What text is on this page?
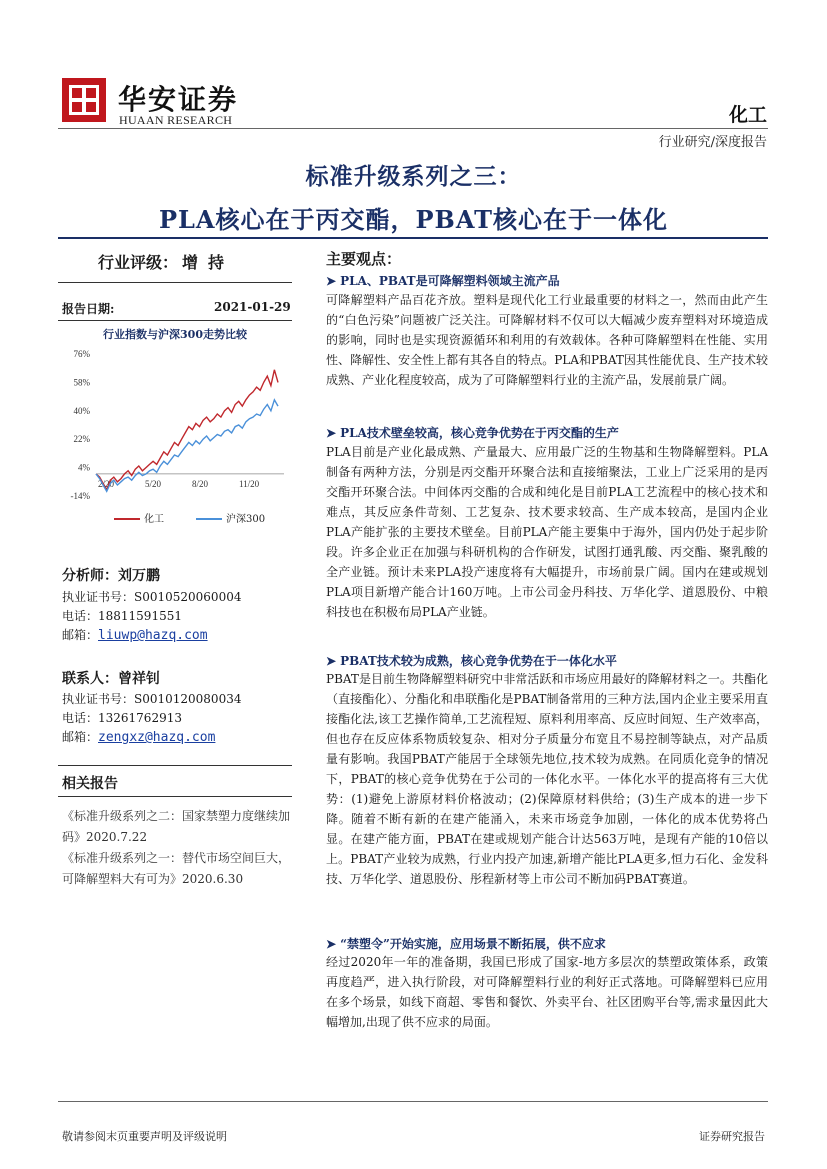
华安证券
HUAAN RESEARCH	化工
行业研究/深度报告
标准升级系列之三：
PLA核心在于丙交酯，PBAT核心在于一体化
行业评级： 增持
报告日期:	2021-01-29
行业指数与沪深300走势比较
76%
58%
40%
22%
4%
-14%
2/20	5/20	8/20	11/20
化工	沪深300
分析师：刘万鹏
执业证书号：S0010520060004
电话：18811591551
邮箱：liuwp@hazq.com
联系人：曾祥钊
执业证书号：S0010120080034
电话：13261762913
邮箱：zengxz@hazq.com
相关报告
《标准升级系列之二：国家禁塑力度继续加码》2020.7.22
《标准升级系列之一：替代市场空间巨大，可降解塑料大有可为》2020.6.30
主要观点：
➤ PLA、PBAT是可降解塑料领域主流产品
可降解塑料产品百花齐放。塑料是现代化工行业最重要的材料之一，然而由此产生的“白色污染”问题被广泛关注。可降解材料不仅可以大幅减少废弃塑料对环境造成的影响，同时也是实现资源循环和利用的有效载体。各种可降解塑料在性能、实用性、降解性、安全性上都有其各自的特点。PLA和PBAT因其性能优良、生产技术较成熟、产业化程度较高，成为了可降解塑料行业的主流产品，发展前景广阔。
➤ PLA技术壁垒较高，核心竞争优势在于丙交酯的生产
PLA目前是产业化最成熟、产量最大、应用最广泛的生物基和生物降解塑料。PLA制备有两种方法，分别是丙交酯开环聚合法和直接缩聚法，工业上广泛采用的是丙交酯开环聚合法。中间体丙交酯的合成和纯化是目前PLA工艺流程中的核心技术和难点，其反应条件苛刻、工艺复杂、技术要求较高、生产成本较高，是国内企业PLA产能扩张的主要技术壁垒。目前PLA产能主要集中于海外，国内仍处于起步阶段。许多企业正在加强与科研机构的合作研发，试图打通乳酸、丙交酯、聚乳酸的全产业链。预计未来PLA投产速度将有大幅提升，市场前景广阔。国内在建或规划PLA项目新增产能合计160万吨。上市公司金丹科技、万华化学、道恩股份、中粮科技也在积极布局PLA产业链。
➤ PBAT技术较为成熟，核心竞争优势在于一体化水平
PBAT是目前生物降解塑料研究中非常活跃和市场应用最好的降解材料之一。共酯化（直接酯化）、分酯化和串联酯化是PBAT制备常用的三种方法,国内企业主要采用直接酯化法,该工艺操作简单,工艺流程短、原料利用率高、反应时间短、生产效率高，但也存在反应体系物质较复杂、相对分子质量分布宽且不易控制等缺点，对产品质量有影响。我国PBAT产能居于全球领先地位,技术较为成熟。在同质化竞争的情况下，PBAT的核心竞争优势在于公司的一体化水平。一体化水平的提高将有三大优势：(1)避免上游原材料价格波动；(2)保障原材料供给；(3)生产成本的进一步下降。随着不断有新的在建产能涌入，未来市场竞争加剧，一体化的成本优势将凸显。在建产能方面，PBAT在建或规划产能合计达563万吨，是现有产能的10倍以上。PBAT产业较为成熟，行业内投产加速,新增产能比PLA更多,恒力石化、金发科技、万华化学、道恩股份、彤程新材等上市公司不断加码PBAT赛道。
➤ “禁塑令”开始实施，应用场景不断拓展，供不应求
经过2020年一年的准备期，我国已形成了国家-地方多层次的禁塑政策体系，政策再度趋严，进入执行阶段，对可降解塑料行业的利好正式落地。可降解塑料已应用在多个场景，如线下商超、零售和餐饮、外卖平台、社区团购平台等,需求量因此大幅增加,出现了供不应求的局面。
敬请参阅末页重要声明及评级说明	证券研究报告
